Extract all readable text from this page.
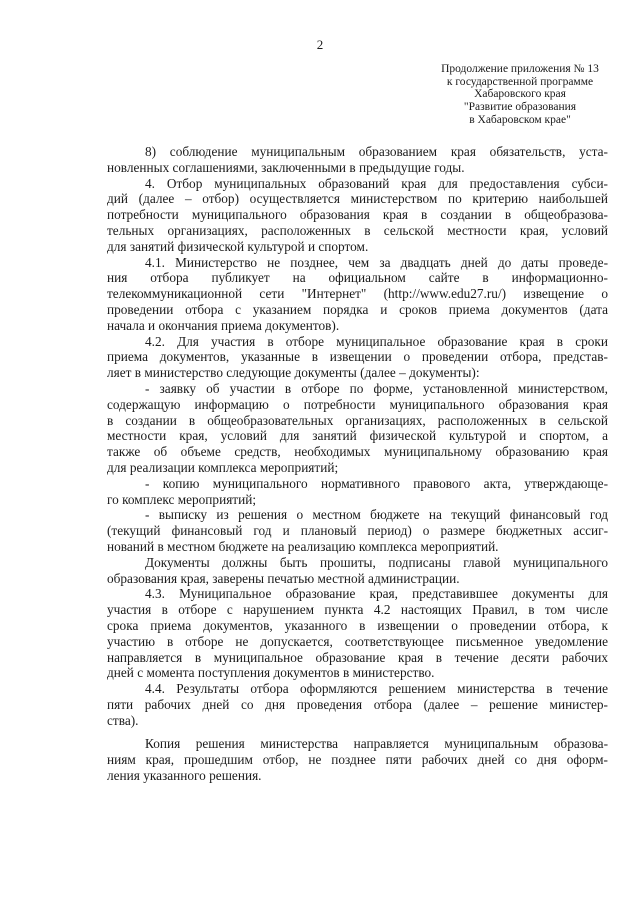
2
Продолжение приложения № 13
к государственной программе
Хабаровского края
"Развитие образования
в Хабаровском крае"
8) соблюдение муниципальным образованием края обязательств, уста-
новленных соглашениями, заключенными в предыдущие годы.
4. Отбор муниципальных образований края для предоставления субси-
дий (далее – отбор) осуществляется министерством по критерию наибольшей
потребности муниципального образования края в создании в общеобразова-
тельных организациях, расположенных в сельской местности края, условий
для занятий физической культурой и спортом.
4.1. Министерство не позднее, чем за двадцать дней до даты проведе-
ния отбора публикует на официальном сайте в информационно-
телекоммуникационной сети "Интернет" (http://www.edu27.ru/) извещение о
проведении отбора с указанием порядка и сроков приема документов (дата
начала и окончания приема документов).
4.2. Для участия в отборе муниципальное образование края в сроки
приема документов, указанные в извещении о проведении отбора, представ-
ляет в министерство следующие документы (далее – документы):
- заявку об участии в отборе по форме, установленной министерством,
содержащую информацию о потребности муниципального образования края
в создании в общеобразовательных организациях, расположенных в сельской
местности края, условий для занятий физической культурой и спортом, а
также об объеме средств, необходимых муниципальному образованию края
для реализации комплекса мероприятий;
- копию муниципального нормативного правового акта, утверждающе-
го комплекс мероприятий;
- выписку из решения о местном бюджете на текущий финансовый год
(текущий финансовый год и плановый период) о размере бюджетных ассиг-
нований в местном бюджете на реализацию комплекса мероприятий.
Документы должны быть прошиты, подписаны главой муниципального
образования края, заверены печатью местной администрации.
4.3. Муниципальное образование края, представившее документы для
участия в отборе с нарушением пункта 4.2 настоящих Правил, в том числе
срока приема документов, указанного в извещении о проведении отбора, к
участию в отборе не допускается, соответствующее письменное уведомление
направляется в муниципальное образование края в течение десяти рабочих
дней с момента поступления документов в министерство.
4.4. Результаты отбора оформляются решением министерства в течение
пяти рабочих дней со дня проведения отбора (далее – решение министер-
ства).
Копия решения министерства направляется муниципальным образова-
ниям края, прошедшим отбор, не позднее пяти рабочих дней со дня оформ-
ления указанного решения.
